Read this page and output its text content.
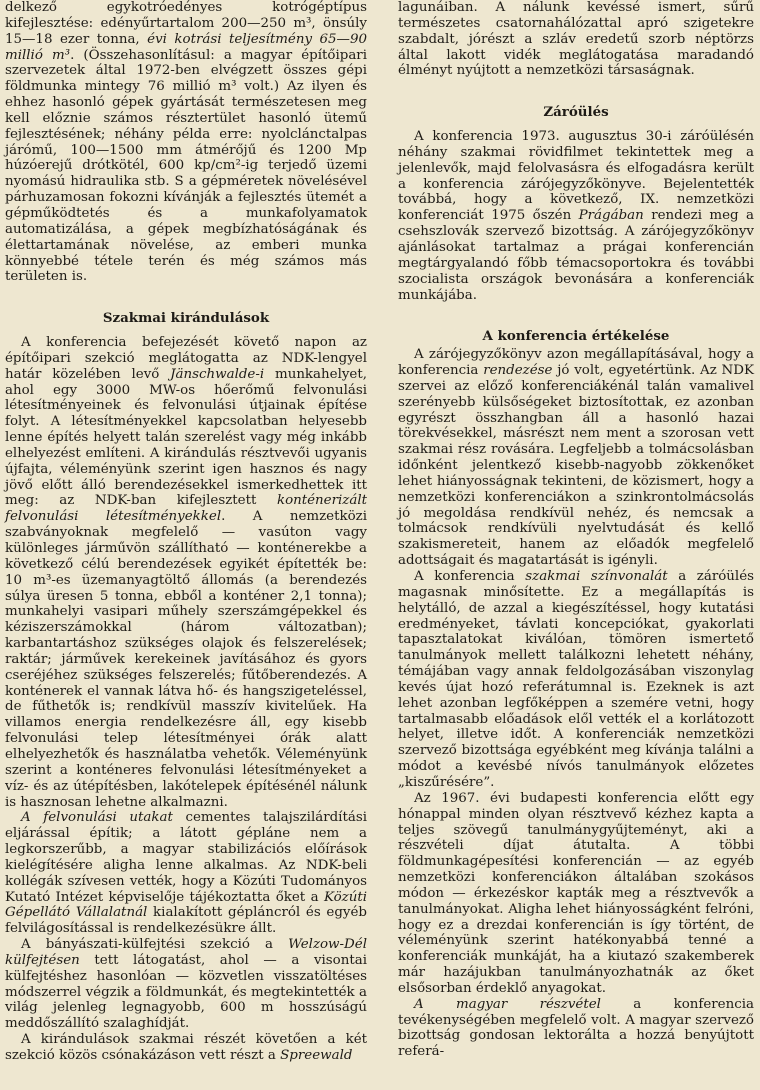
delkező egykotróedényes kotrógéptípus kifejlesztése: edényűrtartalom 200—250 m³, önsúly 15—18 ezer tonna, évi kotrási teljesítmény 65—90 millió m³. (Összehasonlításul: a magyar építőipari szervezetek által 1972-ben elvégzett összes gépi földmunka mintegy 76 millió m³ volt.) Az ilyen és ehhez hasonló gépek gyártását természetesen meg kell előznie számos résztertület hasonló ütemű fejlesztésének; néhány példa erre: nyolclánctalpas járómű, 100—1500 mm átmérőjű és 1200 Mp húzóerejű drótkötél, 600 kp/cm²-ig terjedő üzemi nyomású hidraulika stb. S a gépméretek növelésével párhuzamosan fokozni kívánják a fejlesztés ütemét a gépműködtetés és a munkafolyamatok automatizálása, a gépek megbízhatóságának és élettartamának növelése, az emberi munka könnyebbé tétele terén és még számos más területen is.

Szakmai kirándulások

A konferencia befejezését követő napon az építőipari szekció meglátogatta az NDK-lengyel határ közelében levő Jänschwalde-i munkahelyet, ahol egy 3000 MW-os hőerőmű felvonulási létesítményeinek és felvonulási útjainak építése folyt. A létesítményekkel kapcsolatban helyesebb lenne építés helyett talán szerelést vagy még inkább elhelyezést említeni. A kirándulás résztvevői ugyanis újfajta, véleményünk szerint igen hasznos és nagy jövő előtt álló berendezésekkel ismerkedhettek itt meg: az NDK-ban kifejlesztett konténerizált felvonulási létesítményekkel. A nemzetközi szabványoknak megfelelő — vasúton vagy különleges járművön szállítható — konténerekbe a következő célú berendezések egyikét építették be: 10 m³-es üzemanyagtöltő állomás (a berendezés súlya üresen 5 tonna, ebből a konténer 2,1 tonna); munkahelyi vasipari műhely szerszámgépekkel és kéziszerszámokkal (három változatban); karbantartáshoz szükséges olajok és felszerelések; raktár; járművek kerekeinek javításához és gyors cseréjéhez szükséges felszerelés; fűtőberendezés. A konténerek el vannak látva hő- és hangszigeteléssel, de fűthetők is; rendkívül masszív kivitelűek. Ha villamos energia rendelkezésre áll, egy kisebb felvonulási telep létesítményei órák alatt elhelyezhetők és használatba vehetők. Véleményünk szerint a konténeres felvonulási létesítményeket a víz- és az útépítésben, lakótelepek építésénél nálunk is hasznosan lehetne alkalmazni.

A felvonulási utakat cementes talajszilárdítási eljárással építik; a látott gépláne nem a legkorszerűbb, a magyar stabilizációs előírások kielégítésére aligha lenne alkalmas. Az NDK-beli kollégák szívesen vették, hogy a Közúti Tudományos Kutató Intézet képviselője tájékoztatta őket a Közúti Gépellátó Vállalatnál kialakított gépláncról és egyéb felvilágosítással is rendelkezésükre állt.

A bányászati-külfejtési szekció a Welzow-Dél külfejtésen tett látogatást, ahol — a visontai külfejtéshez hasonlóan — közvetlen visszatöltéses módszerrel végzik a földmunkát, és megtekintették a világ jelenleg legnagyobb, 600 m hosszúságú meddőszállító szalaghídját.

A kirándulások szakmai részét követően a két szekció közös csónakázáson vett részt a Spreewald

lagunáiban. A nálunk kevéssé ismert, sűrű természetes csatornahálózattal apró szigetekre szabdalt, jórészt a szláv eredetű szorb néptörzs által lakott vidék meglátogatása maradandó élményt nyújtott a nemzetközi társaságnak.

Záróülés

A konferencia 1973. augusztus 30-i záróülésén néhány szakmai rövidfilmet tekintettek meg a jelenlevők, majd felolvasásra és elfogadásra került a konferencia zárójegyzőkönyve. Bejelentették továbbá, hogy a következő, IX. nemzetközi konferenciát 1975 őszén Prágában rendezi meg a csehszlovák szervező bizottság. A zárójegyzőkönyv ajánlásokat tartalmaz a prágai konferencián megtárgyalandó főbb témacsoportokra és további szocialista országok bevonására a konferenciák munkájába.

A konferencia értékelése

A zárójegyzőkönyv azon megállapításával, hogy a konferencia rendezése jó volt, egyetértünk. Az NDK szervei az előző konferenciákénál talán vamalivel szerényebb külsőségeket biztosítottak, ez azonban egyrészt összhangban áll a hasonló hazai törekvésekkel, másrészt nem ment a szorosan vett szakmai rész rovására. Legfeljebb a tolmácsolásban időnként jelentkező kisebb-nagyobb zökkenőket lehet hiányosságnak tekinteni, de közismert, hogy a nemzetközi konferenciákon a szinkrontolmácsolás jó megoldása rendkívül nehéz, és nemcsak a tolmácsok rendkívüli nyelvtudását és kellő szakismereteit, hanem az előadók megfelelő adottságait és magatartását is igényli.

A konferencia szakmai színvonalát a záróülés magasnak minősítette. Ez a megállapítás is helytálló, de azzal a kiegészítéssel, hogy kutatási eredményeket, távlati koncepciókat, gyakorlati tapasztalatokat kiválóan, tömören ismertető tanulmányok mellett találkozni lehetett néhány, témájában vagy annak feldolgozásában viszonylag kevés újat hozó referátumnal is. Ezeknek is azt lehet azonban legfőképpen a szemére vetni, hogy tartalmasabb előadások elől vették el a korlátozott helyet, illetve időt. A konferenciák nemzetközi szervező bizottsága egyébként meg kívánja találni a módot a kevésbé nívós tanulmányok előzetes „kiszűrésére”.

Az 1967. évi budapesti konferencia előtt egy hónappal minden olyan résztvevő kézhez kapta a teljes szövegű tanulmánygyűjteményt, aki a részvételi díjat átutalta. A többi földmunkagépesítési konferencián — az egyéb nemzetközi konferenciákon általában szokásos módon — érkezéskor kapták meg a résztvevők a tanulmányokat. Aligha lehet hiányosságként felróni, hogy ez a drezdai konferencián is így történt, de véleményünk szerint hatékonyabbá tenné a konferenciák munkáját, ha a kiutazó szakemberek már hazájukban tanulmányozhatnák az őket elsősorban érdeklő anyagokat.

A magyar részvétel a konferencia tevékenységében megfelelő volt. A magyar szervező bizottság gondosan lektorálta a hozzá benyújtott referá-
